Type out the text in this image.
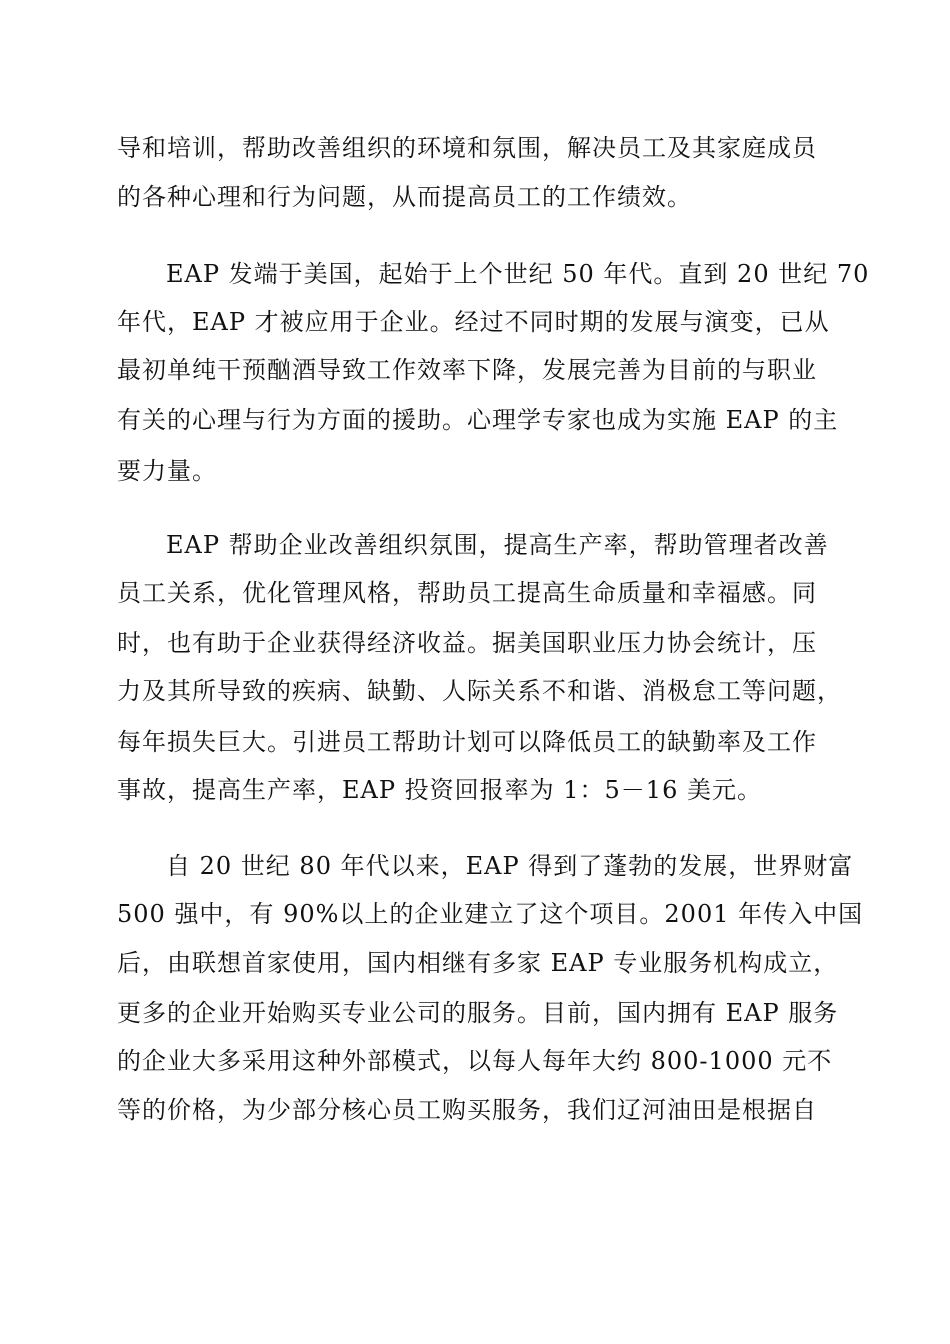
导和培训，帮助改善组织的环境和氛围，解决员工及其家庭成员
的各种心理和行为问题，从而提高员工的工作绩效。
EAP 发端于美国，起始于上个世纪 50 年代。直到 20 世纪 70
年代，EAP 才被应用于企业。经过不同时期的发展与演变，已从
最初单纯干预酗酒导致工作效率下降，发展完善为目前的与职业
有关的心理与行为方面的援助。心理学专家也成为实施 EAP 的主
要力量。
EAP 帮助企业改善组织氛围，提高生产率，帮助管理者改善
员工关系，优化管理风格，帮助员工提高生命质量和幸福感。同
时，也有助于企业获得经济收益。据美国职业压力协会统计，压
力及其所导致的疾病、缺勤、人际关系不和谐、消极怠工等问题，
每年损失巨大。引进员工帮助计划可以降低员工的缺勤率及工作
事故，提高生产率，EAP 投资回报率为 1：5－16 美元。
自 20 世纪 80 年代以来，EAP 得到了蓬勃的发展，世界财富
500 强中，有 90%以上的企业建立了这个项目。2001 年传入中国
后，由联想首家使用，国内相继有多家 EAP 专业服务机构成立，
更多的企业开始购买专业公司的服务。目前，国内拥有 EAP 服务
的企业大多采用这种外部模式，以每人每年大约 800-1000 元不
等的价格，为少部分核心员工购买服务，我们辽河油田是根据自
